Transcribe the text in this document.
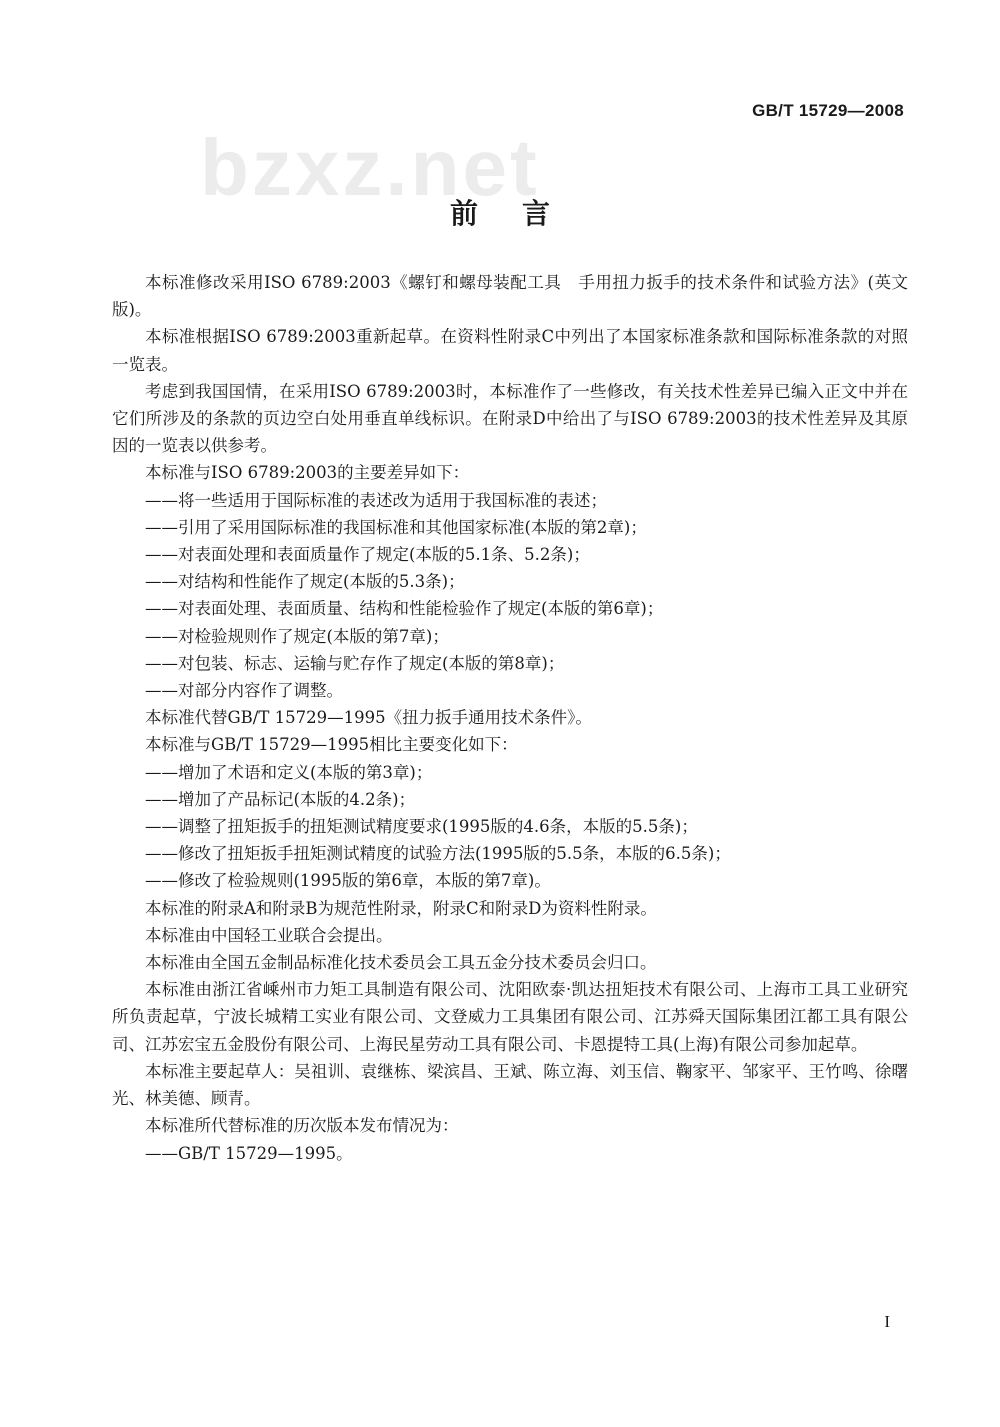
bzxz.net
GB/T 15729—2008
前言

本标准修改采用ISO 6789:2003《螺钉和螺母装配工具　手用扭力扳手的技术条件和试验方法》(英文版)。

本标准根据ISO 6789:2003重新起草。在资料性附录C中列出了本国家标准条款和国际标准条款的对照一览表。

考虑到我国国情，在采用ISO 6789:2003时，本标准作了一些修改，有关技术性差异已编入正文中并在它们所涉及的条款的页边空白处用垂直单线标识。在附录D中给出了与ISO 6789:2003的技术性差异及其原因的一览表以供参考。

本标准与ISO 6789:2003的主要差异如下：

——将一些适用于国际标准的表述改为适用于我国标准的表述；

——引用了采用国际标准的我国标准和其他国家标准(本版的第2章)；

——对表面处理和表面质量作了规定(本版的5.1条、5.2条)；

——对结构和性能作了规定(本版的5.3条)；

——对表面处理、表面质量、结构和性能检验作了规定(本版的第6章)；

——对检验规则作了规定(本版的第7章)；

——对包装、标志、运输与贮存作了规定(本版的第8章)；

——对部分内容作了调整。

本标准代替GB/T 15729—1995《扭力扳手通用技术条件》。

本标准与GB/T 15729—1995相比主要变化如下：

——增加了术语和定义(本版的第3章)；

——增加了产品标记(本版的4.2条)；

——调整了扭矩扳手的扭矩测试精度要求(1995版的4.6条，本版的5.5条)；

——修改了扭矩扳手扭矩测试精度的试验方法(1995版的5.5条，本版的6.5条)；

——修改了检验规则(1995版的第6章，本版的第7章)。

本标准的附录A和附录B为规范性附录，附录C和附录D为资料性附录。

本标准由中国轻工业联合会提出。

本标准由全国五金制品标准化技术委员会工具五金分技术委员会归口。

本标准由浙江省嵊州市力矩工具制造有限公司、沈阳欧泰·凯达扭矩技术有限公司、上海市工具工业研究所负责起草，宁波长城精工实业有限公司、文登威力工具集团有限公司、江苏舜天国际集团江都工具有限公司、江苏宏宝五金股份有限公司、上海民星劳动工具有限公司、卡恩提特工具(上海)有限公司参加起草。

本标准主要起草人：吴祖训、袁继栋、梁滨昌、王斌、陈立海、刘玉信、鞠家平、邹家平、王竹鸣、徐曙光、林美德、顾青。

本标准所代替标准的历次版本发布情况为：

——GB/T 15729—1995。

I
